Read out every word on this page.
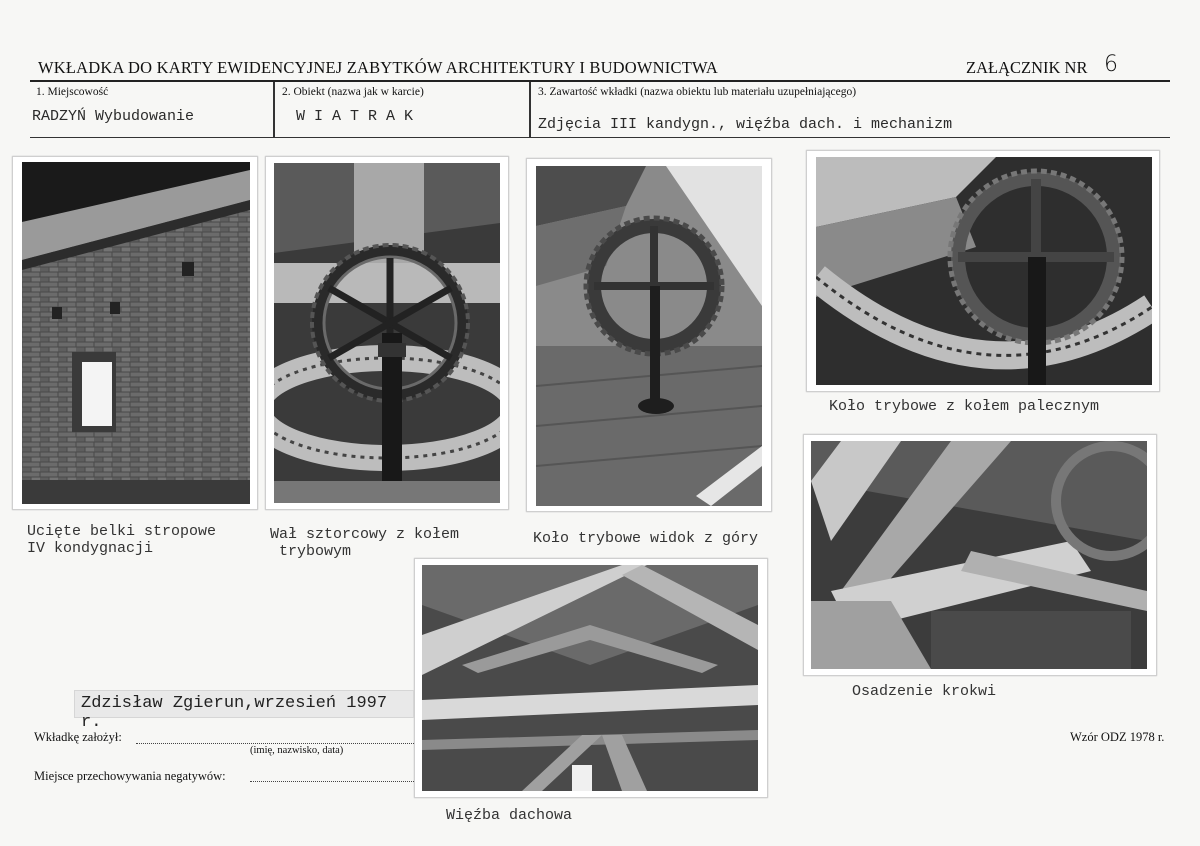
WKŁADKA DO KARTY EWIDENCYJNEJ ZABYTKÓW ARCHITEKTURY I BUDOWNICTWA	ZAŁĄCZNIK NR 6
1. Miejscowość	2. Obiekt (nazwa jak w karcie)	3. Zawartość wkładki (nazwa obiektu lub materiału uzupełniającego)
RADZYŃ Wybudowanie	W I A T R A K	Zdjęcia III kandygn., więźba dach. i mechanizm
Ucięte belki stropowe
IV kondygnacji
Wał sztorcowy z kołem
trybowym
Koło trybowe widok z góry
Koło trybowe z kołem palecznym
Osadzenie krokwi
Więźba dachowa
Zdzisław Zgierun,wrzesień 1997 r.
Wkładkę założył:
(imię, nazwisko, data)
Miejsce przechowywania negatywów:
Wzór ODZ 1978 r.
